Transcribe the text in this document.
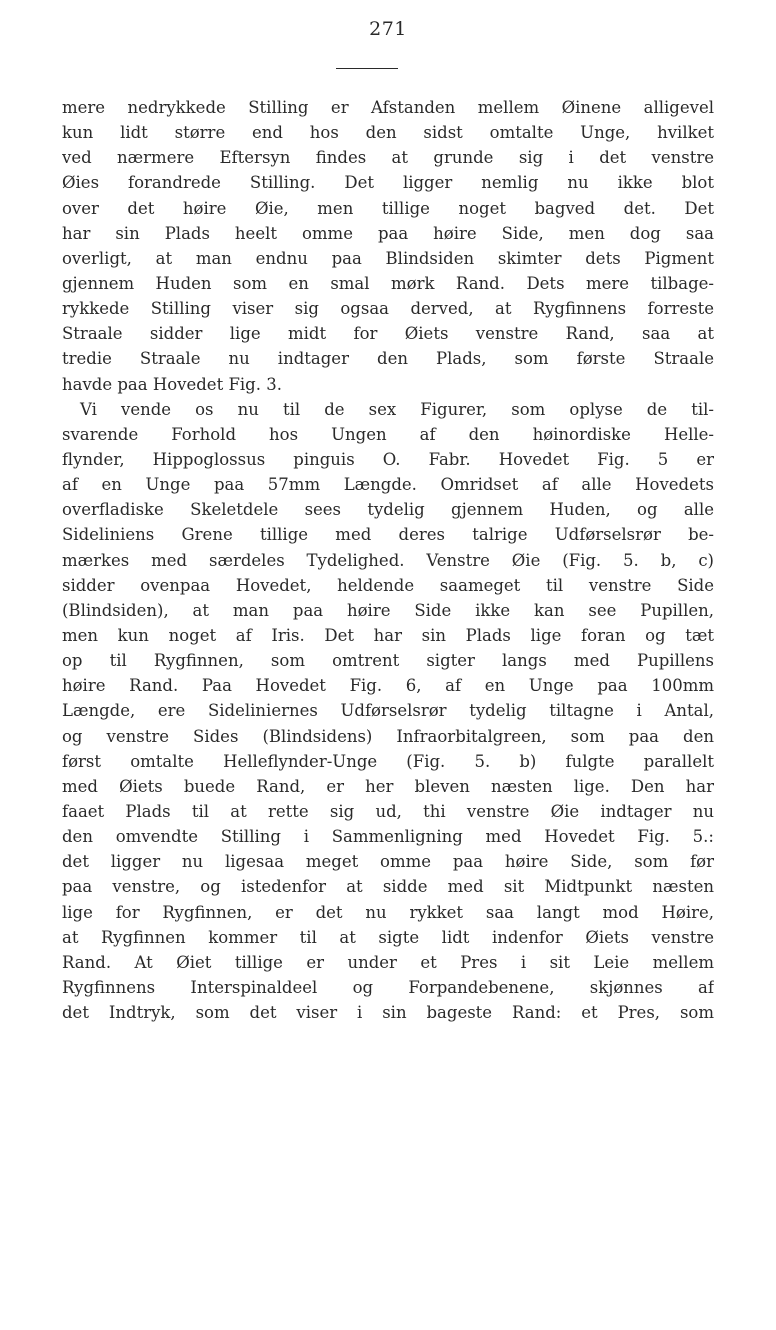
271
mere nedrykkede Stilling er Afstanden mellem Øinene alligevel
kun lidt større end hos den sidst omtalte Unge, hvilket
ved nærmere Eftersyn findes at grunde sig i det venstre
Øies forandrede Stilling. Det ligger nemlig nu ikke blot
over det høire Øie, men tillige noget bagved det. Det
har sin Plads heelt omme paa høire Side, men dog saa
overligt, at man endnu paa Blindsiden skimter dets Pigment
gjennem Huden som en smal mørk Rand. Dets mere tilbage-
rykkede Stilling viser sig ogsaa derved, at Rygfinnens forreste
Straale sidder lige midt for Øiets venstre Rand, saa at
tredie Straale nu indtager den Plads, som første Straale
havde paa Hovedet Fig. 3.
Vi vende os nu til de sex Figurer, som oplyse de til-
svarende Forhold hos Ungen af den høinordiske Helle-
flynder, Hippoglossus pinguis O. Fabr. Hovedet Fig. 5 er
af en Unge paa 57mm Længde. Omridset af alle Hovedets
overfladiske Skeletdele sees tydelig gjennem Huden, og alle
Sideliniens Grene tillige med deres talrige Udførselsrør be-
mærkes med særdeles Tydelighed. Venstre Øie (Fig. 5. b, c)
sidder ovenpaa Hovedet, heldende saameget til venstre Side
(Blindsiden), at man paa høire Side ikke kan see Pupillen,
men kun noget af Iris. Det har sin Plads lige foran og tæt
op til Rygfinnen, som omtrent sigter langs med Pupillens
høire Rand. Paa Hovedet Fig. 6, af en Unge paa 100mm
Længde, ere Sideliniernes Udførselsrør tydelig tiltagne i Antal,
og venstre Sides (Blindsidens) Infraorbitalgreen, som paa den
først omtalte Helleflynder-Unge (Fig. 5. b) fulgte parallelt
med Øiets buede Rand, er her bleven næsten lige. Den har
faaet Plads til at rette sig ud, thi venstre Øie indtager nu
den omvendte Stilling i Sammenligning med Hovedet Fig. 5.:
det ligger nu ligesaa meget omme paa høire Side, som før
paa venstre, og istedenfor at sidde med sit Midtpunkt næsten
lige for Rygfinnen, er det nu rykket saa langt mod Høire,
at Rygfinnen kommer til at sigte lidt indenfor Øiets venstre
Rand. At Øiet tillige er under et Pres i sit Leie mellem
Rygfinnens Interspinaldeel og Forpandebenene, skjønnes af
det Indtryk, som det viser i sin bageste Rand: et Pres, som
